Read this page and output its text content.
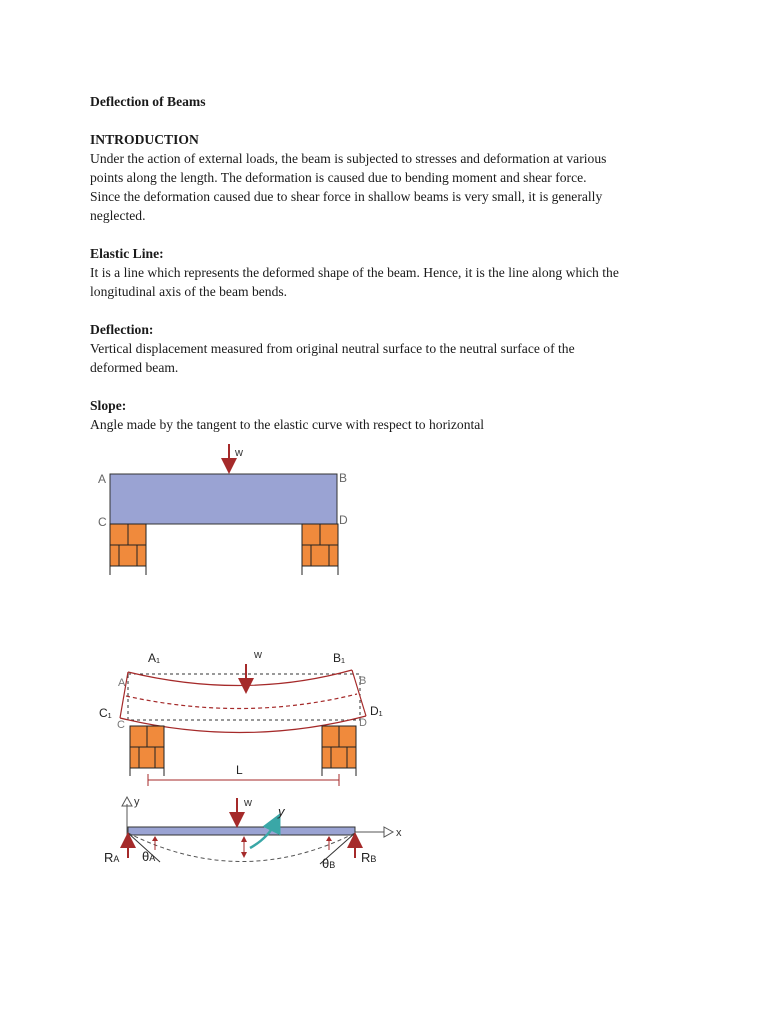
Deflection of Beams
INTRODUCTION

Under the action of external loads, the beam is subjected to stresses and deformation at various

points along the length. The deformation is caused due to bending moment and shear force.

Since the deformation caused due to shear force in shallow beams is very small, it is generally

neglected.

Elastic Line:

It is a line which represents the deformed shape of the beam. Hence, it is the line along which the

longitudinal axis of the beam bends.

Deflection:

Vertical displacement measured from original neutral surface to the neutral surface of the

deformed beam.

Slope:

Angle made by the tangent to the elastic curve with respect to horizontal

w
A	B
C	D
w
A₁	B₁
C₁	D₁
A	B
C	D
L
y
x
w
y
RA	RB
θA	θB
